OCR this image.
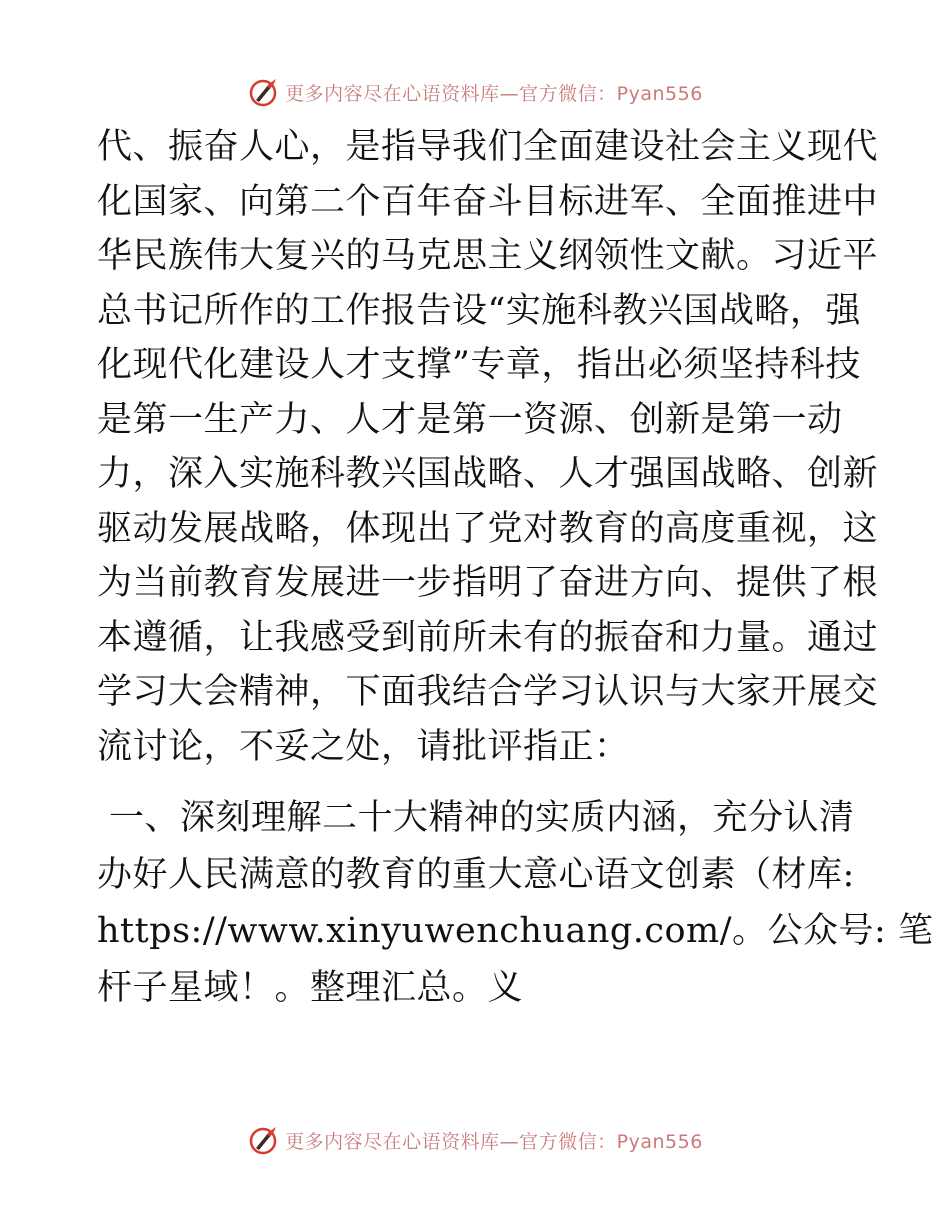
更多内容尽在心语资料库—官方微信：Pyan556
代、振奋人心，是指导我们全面建设社会主义现代
化国家、向第二个百年奋斗目标进军、全面推进中
华民族伟大复兴的马克思主义纲领性文献。习近平
总书记所作的工作报告设“实施科教兴国战略，强
化现代化建设人才支撑”专章，指出必须坚持科技
是第一生产力、人才是第一资源、创新是第一动
力，深入实施科教兴国战略、人才强国战略、创新
驱动发展战略，体现出了党对教育的高度重视，这
为当前教育发展进一步指明了奋进方向、提供了根
本遵循，让我感受到前所未有的振奋和力量。通过
学习大会精神，下面我结合学习认识与大家开展交
流讨论，不妥之处，请批评指正：
一、深刻理解二十大精神的实质内涵，充分认清
办好人民满意的教育的重大意心语文创素（材库:
https://www.xinyuwenchuang.com/。公众号: 笔
杆子星域！。整理汇总。义
更多内容尽在心语资料库—官方微信：Pyan556
